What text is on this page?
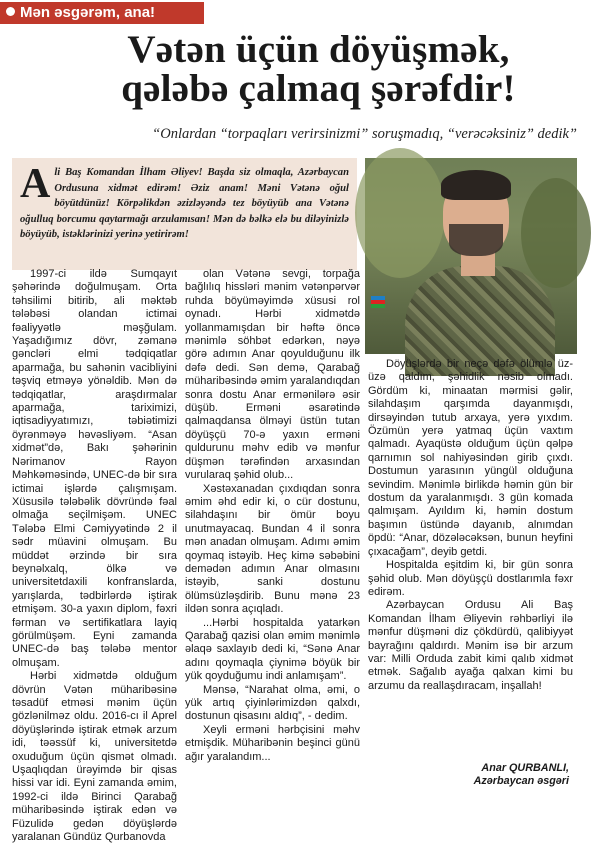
Mən əsgərəm, ana!
Vətən üçün döyüşmək,
qələbə çalmaq şərəfdir!
“Onlardan “torpaqları verirsinizmi” soruşmadıq, “verəcəksiniz” dedik”
Ali Baş Komandan İlham Əliyev! Başda siz olmaqla, Azərbaycan Ordusuna xidmət edirəm! Əziz anam! Məni Vətənə oğul böyütdünüz! Körpəlikdən əzizləyəndə tez böyüyüb ana Vətənə oğulluq borcumu qaytarmağı arzulamısan! Mən də bəlkə elə bu diləyinizlə böyüyüb, istəklərinizi yerinə yetirirəm!

1997-ci ildə Sumqayıt şəhərində doğulmuşam. Orta təhsilimi bitirib, ali məktəb tələbəsi olandan ictimai fəaliyyətlə məşğulam. Yaşadığımız dövr, zəmanə gəncləri elmi tədqiqatlar aparmağa, bu sahənin vacibliyini təşviq etməyə yönəldib. Mən də tədqiqatlar, araşdırmalar aparmağa, tariximizi, iqtisadiyyatımızı, təbiətimizi öyrənməyə həvəsliyəm. “Asan xidmət”də, Bakı şəhərinin Nərimanov Rayon Məhkəməsində, UNEC-də bir sıra ictimai işlərdə çalışmışam. Xüsusilə tələbəlik dövründə fəal olmağa seçilmişəm. UNEC Tələbə Elmi Cəmiyyətində 2 il sədr müavini olmuşam. Bu müddət ərzində bir sıra beynəlxalq, ölkə və universitetdaxili konfranslarda, yarışlarda, tədbirlərdə iştirak etmişəm. 30-a yaxın diplom, fəxri fərman və sertifikatlara layiq görülmüşəm. Eyni zamanda UNEC-də baş tələbə mentor olmuşam.

Hərbi xidmətdə olduğum dövrün Vətən müharibəsinə təsadüf etməsi mənim üçün gözlənilməz oldu. 2016-cı il Aprel döyüşlərində iştirak etmək arzum idi, təəssüf ki, universitetdə oxuduğum üçün qismət olmadı. Uşaqlıqdan ürəyimdə bir qisas hissi var idi. Eyni zamanda əmim, 1992-ci ildə Birinci Qarabağ müharibəsində iştirak edən və Füzulidə gedən döyüşlərdə yaralanan Gündüz Qurbanovda

olan Vətənə sevgi, torpağa bağlılıq hissləri mənim vətənpərvər ruhda böyüməyimdə xüsusi rol oynadı. Hərbi xidmətdə yollanmamışdan bir həftə öncə mənimlə söhbət edərkən, nəyə görə adımın Anar qoyulduğunu ilk dəfə dedi. Sən demə, Qarabağ müharibəsində əmim yaralandıqdan sonra dostu Anar ermənilərə əsir düşüb. Erməni əsarətində qalmaqdansa ölməyi üstün tutan döyüşçü 70-ə yaxın erməni quldurunu məhv edib və mənfur düşmən tərəfindən arxasından vurularaq şəhid olub...

Xəstəxanadan çıxdıqdan sonra əmim əhd edir ki, o cür dostunu, silahdaşını bir ömür boyu unutmayacaq. Bundan 4 il sonra mən anadan olmuşam. Adımı əmim qoymaq istəyib. Heç kimə səbəbini demədən adımın Anar olmasını istəyib, sanki dostunu ölümsüzləşdirib. Bunu mənə 23 ildən sonra açıqladı.

...Hərbi hospitalda yatarkən Qarabağ qazisi olan əmim mənimlə əlaqə saxlayıb dedi ki, “Sənə Anar adını qoymaqla çiynimə böyük bir yük qoyduğumu indi anlamışam”.

Mənsə, “Narahat olma, əmi, o yük artıq çiyinlərimizdən qalxdı, dostunun qisasını aldıq”, - dedim.

Xeyli erməni hərbçisini məhv etmişdik. Müharibənin beşinci günü ağır yaralandım...

Döyüşlərdə bir neçə dəfə ölümlə üz-üzə qaldım, şəhidlik nəsib olmadı. Gördüm ki, minaatan mərmisi gəlir, silahdaşım qarşımda dayanmışdı, dirsəyindən tutub arxaya, yerə yıxdım. Özümün yerə yatmaq üçün vaxtım qalmadı. Ayaqüstə olduğum üçün qəlpə qarnımın sol nahiyəsindən girib çıxdı. Dostumun yarasının yüngül olduğuna sevindim. Mənimlə birlikdə həmin gün bir dostum da yaralanmışdı. 3 gün komada qalmışam. Ayıldım ki, həmin dostum başımın üstündə dayanıb, alnımdan öpdü: “Anar, dözələcəksən, bunun heyfini çıxacağam”, deyib getdi.

Hospitalda eşitdim ki, bir gün sonra şəhid olub. Mən döyüşçü dostlarımla fəxr edirəm.

Azərbaycan Ordusu Ali Baş Komandan İlham Əliyevin rəhbərliyi ilə mənfur düşməni diz çökdürdü, qalibiyyət bayrağını qaldırdı. Mənim isə bir arzum var: Milli Orduda zabit kimi qalıb xidmət etmək. Sağalıb ayağa qalxan kimi bu arzumu da reallaşdıracam, inşallah!

Anar QURBANLI,
Azərbaycan əsgəri
